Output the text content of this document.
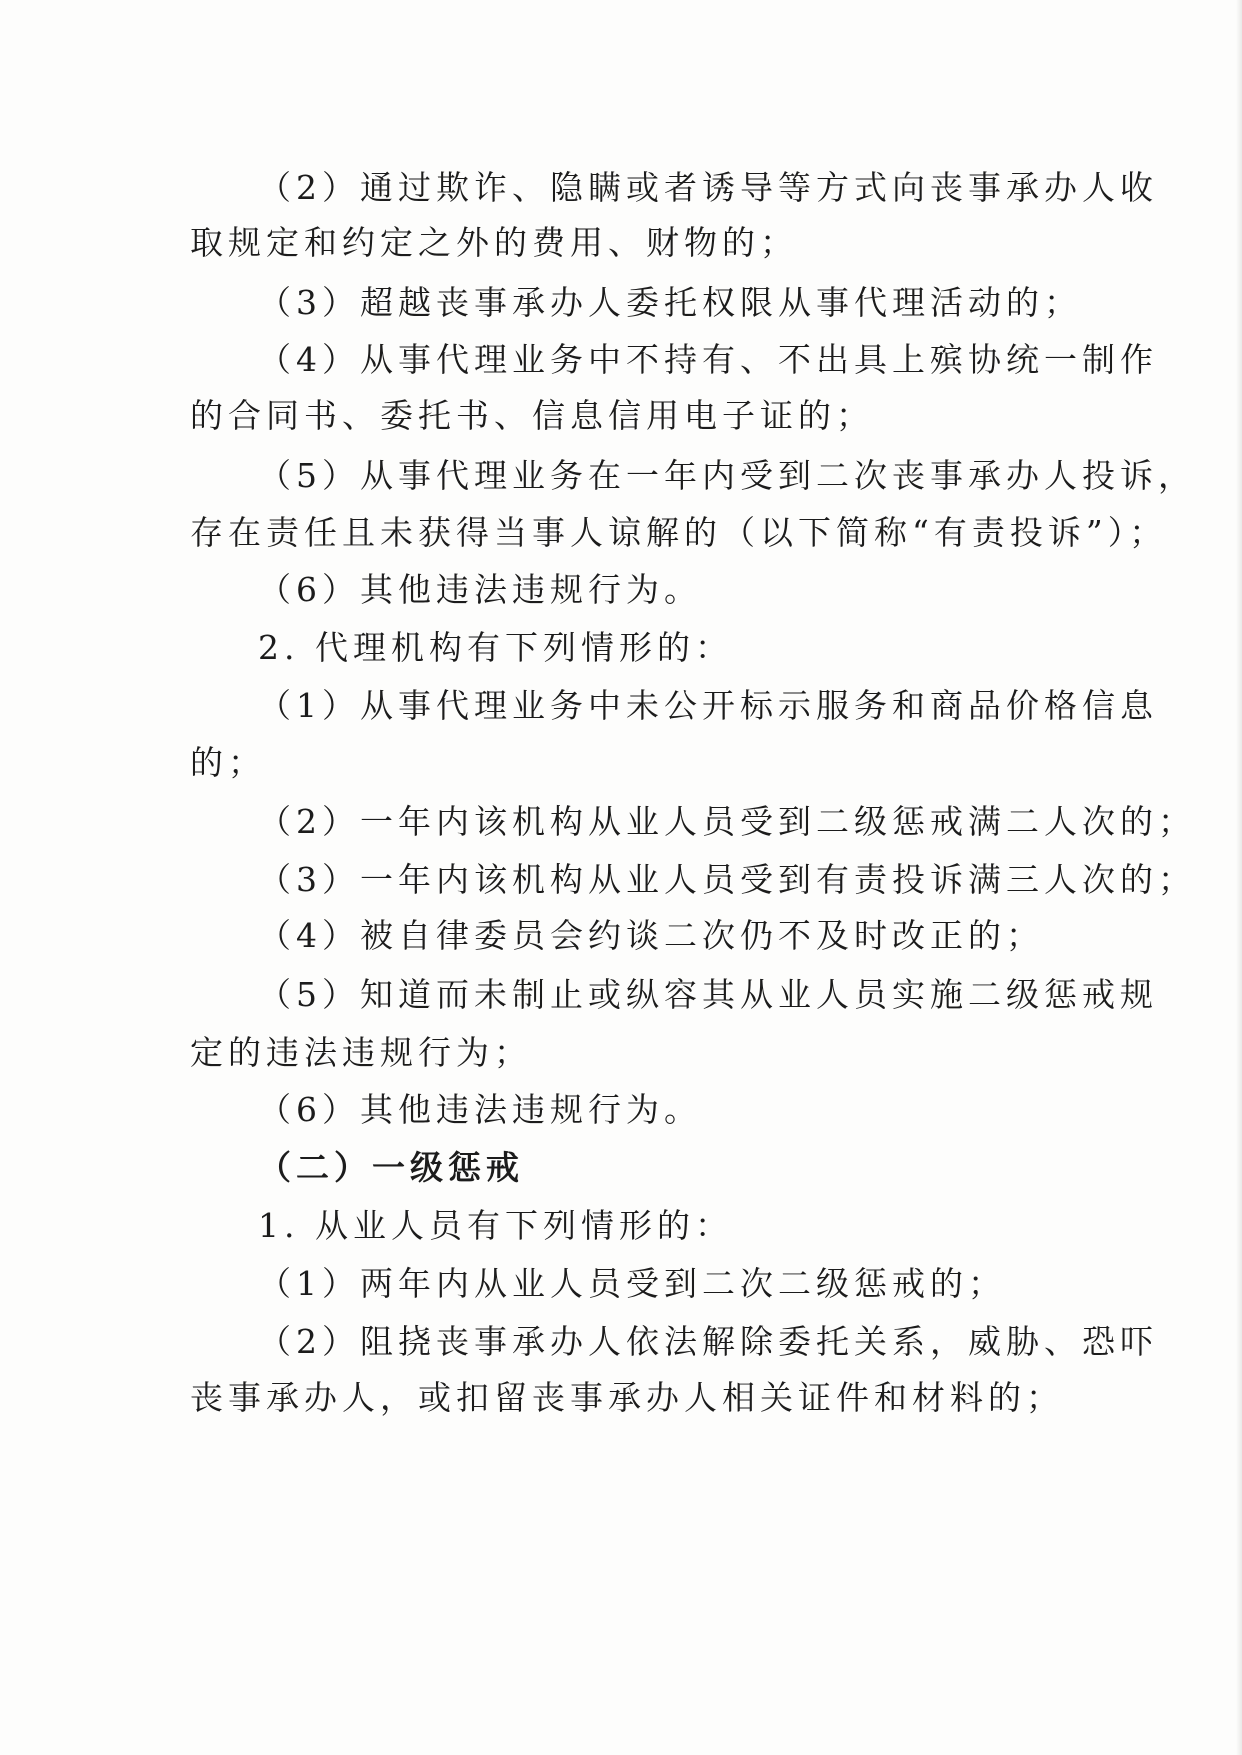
（2）通过欺诈、隐瞒或者诱导等方式向丧事承办人收
取规定和约定之外的费用、财物的；
（3）超越丧事承办人委托权限从事代理活动的；
（4）从事代理业务中不持有、不出具上殡协统一制作
的合同书、委托书、信息信用电子证的；
（5）从事代理业务在一年内受到二次丧事承办人投诉，
存在责任且未获得当事人谅解的（以下简称“有责投诉”）；
（6）其他违法违规行为。
2. 代理机构有下列情形的：
（1）从事代理业务中未公开标示服务和商品价格信息
的；
（2）一年内该机构从业人员受到二级惩戒满二人次的；
（3）一年内该机构从业人员受到有责投诉满三人次的；
（4）被自律委员会约谈二次仍不及时改正的；
（5）知道而未制止或纵容其从业人员实施二级惩戒规
定的违法违规行为；
（6）其他违法违规行为。
（二）一级惩戒
1. 从业人员有下列情形的：
（1）两年内从业人员受到二次二级惩戒的；
（2）阻挠丧事承办人依法解除委托关系，威胁、恐吓
丧事承办人，或扣留丧事承办人相关证件和材料的；
